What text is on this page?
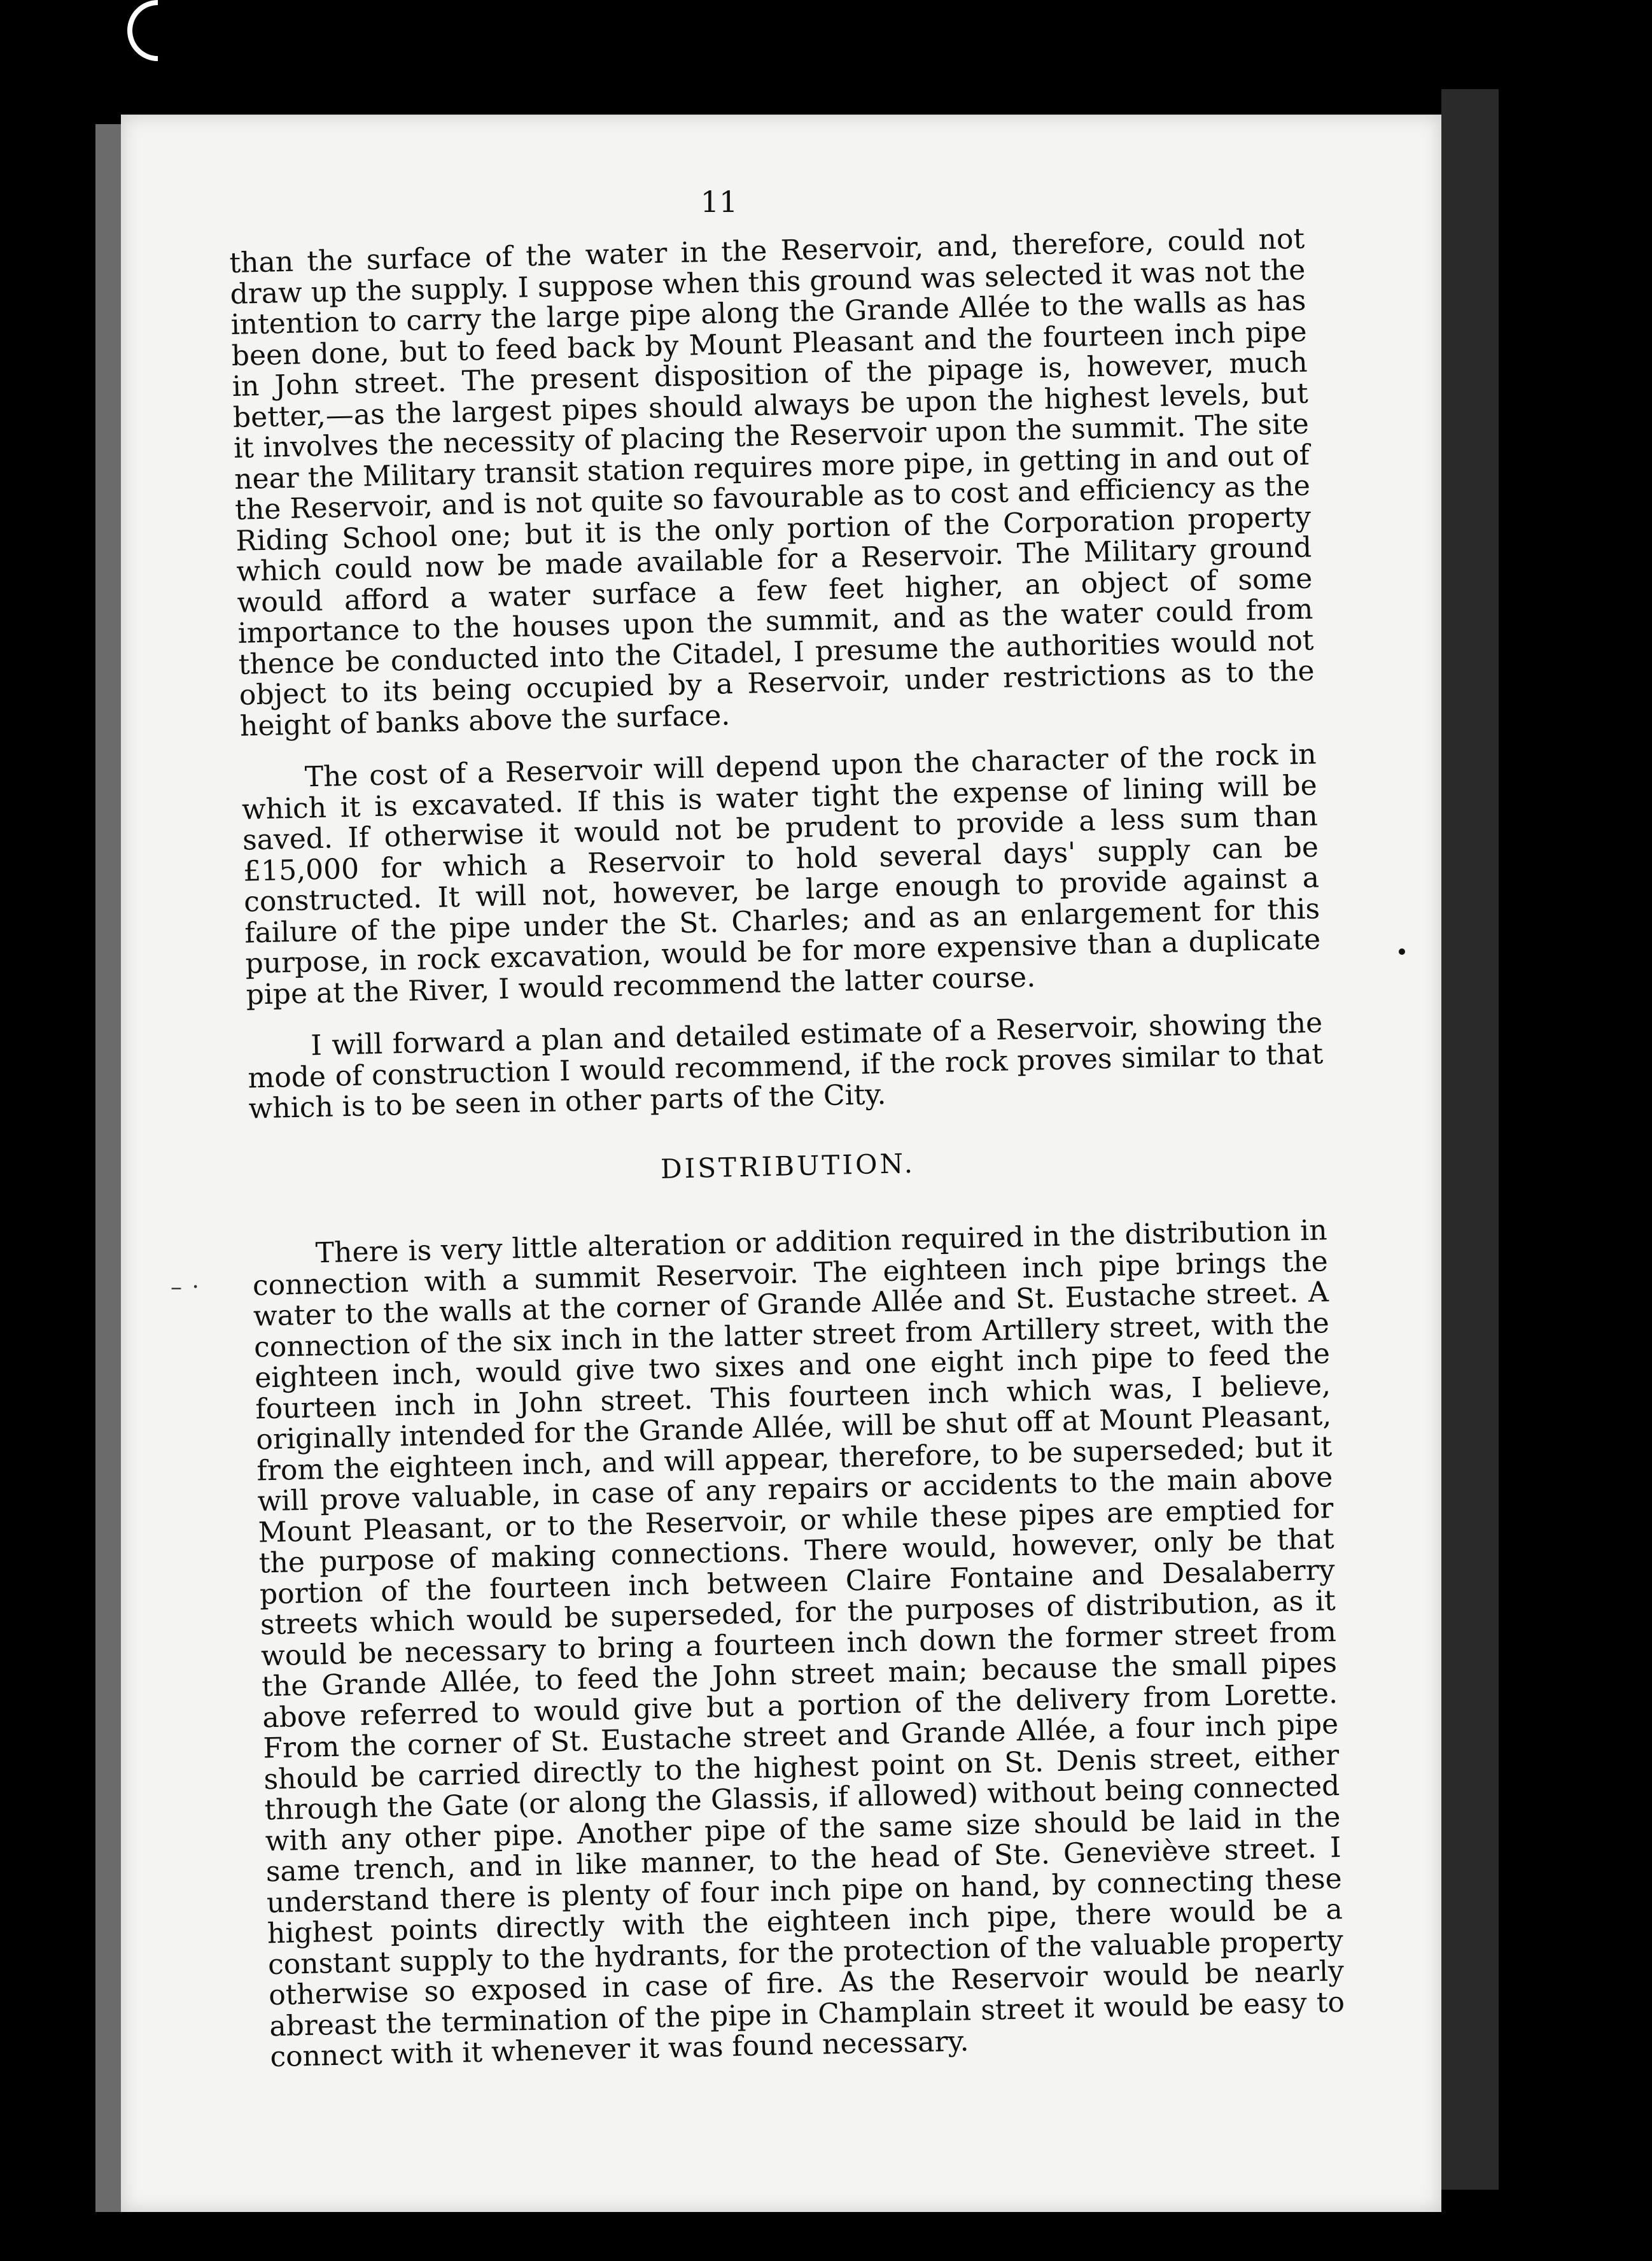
11

than the surface of the water in the Reservoir, and, therefore, could not draw up the supply. I suppose when this ground was selected it was not the intention to carry the large pipe along the Grande Allée to the walls as has been done, but to feed back by Mount Pleasant and the fourteen inch pipe in John street. The present disposition of the pipage is, however, much better,—as the largest pipes should always be upon the highest levels, but it involves the necessity of placing the Reservoir upon the summit. The site near the Military transit station requires more pipe, in getting in and out of the Reservoir, and is not quite so favourable as to cost and efficiency as the Riding School one; but it is the only portion of the Corporation property which could now be made available for a Reservoir. The Military ground would afford a water surface a few feet higher, an object of some importance to the houses upon the summit, and as the water could from thence be conducted into the Citadel, I presume the authorities would not object to its being occupied by a Reservoir, under restrictions as to the height of banks above the surface.

The cost of a Reservoir will depend upon the character of the rock in which it is excavated. If this is water tight the expense of lining will be saved. If otherwise it would not be prudent to provide a less sum than £15,000 for which a Reservoir to hold several days' supply can be constructed. It will not, however, be large enough to provide against a failure of the pipe under the St. Charles; and as an enlargement for this purpose, in rock excavation, would be for more expensive than a duplicate pipe at the River, I would recommend the latter course.

I will forward a plan and detailed estimate of a Reservoir, showing the mode of construction I would recommend, if the rock proves similar to that which is to be seen in other parts of the City.

DISTRIBUTION.

There is very little alteration or addition required in the distribution in connection with a summit Reservoir. The eighteen inch pipe brings the water to the walls at the corner of Grande Allée and St. Eustache street. A connection of the six inch in the latter street from Artillery street, with the eighteen inch, would give two sixes and one eight inch pipe to feed the fourteen inch in John street. This fourteen inch which was, I believe, originally intended for the Grande Allée, will be shut off at Mount Pleasant, from the eighteen inch, and will appear, therefore, to be superseded; but it will prove valuable, in case of any repairs or accidents to the main above Mount Pleasant, or to the Reservoir, or while these pipes are emptied for the purpose of making connections. There would, however, only be that portion of the fourteen inch between Claire Fontaine and Desalaberry streets which would be superseded, for the purposes of distribution, as it would be necessary to bring a fourteen inch down the former street from the Grande Allée, to feed the John street main; because the small pipes above referred to would give but a portion of the delivery from Lorette. From the corner of St. Eustache street and Grande Allée, a four inch pipe should be carried directly to the highest point on St. Denis street, either through the Gate (or along the Glassis, if allowed) without being connected with any other pipe. Another pipe of the same size should be laid in the same trench, and in like manner, to the head of Ste. Geneviève street. I understand there is plenty of four inch pipe on hand, by connecting these highest points directly with the eighteen inch pipe, there would be a constant supply to the hydrants, for the protection of the valuable property otherwise so exposed in case of fire. As the Reservoir would be nearly abreast the termination of the pipe in Champlain street it would be easy to connect with it whenever it was found necessary.

– ·
